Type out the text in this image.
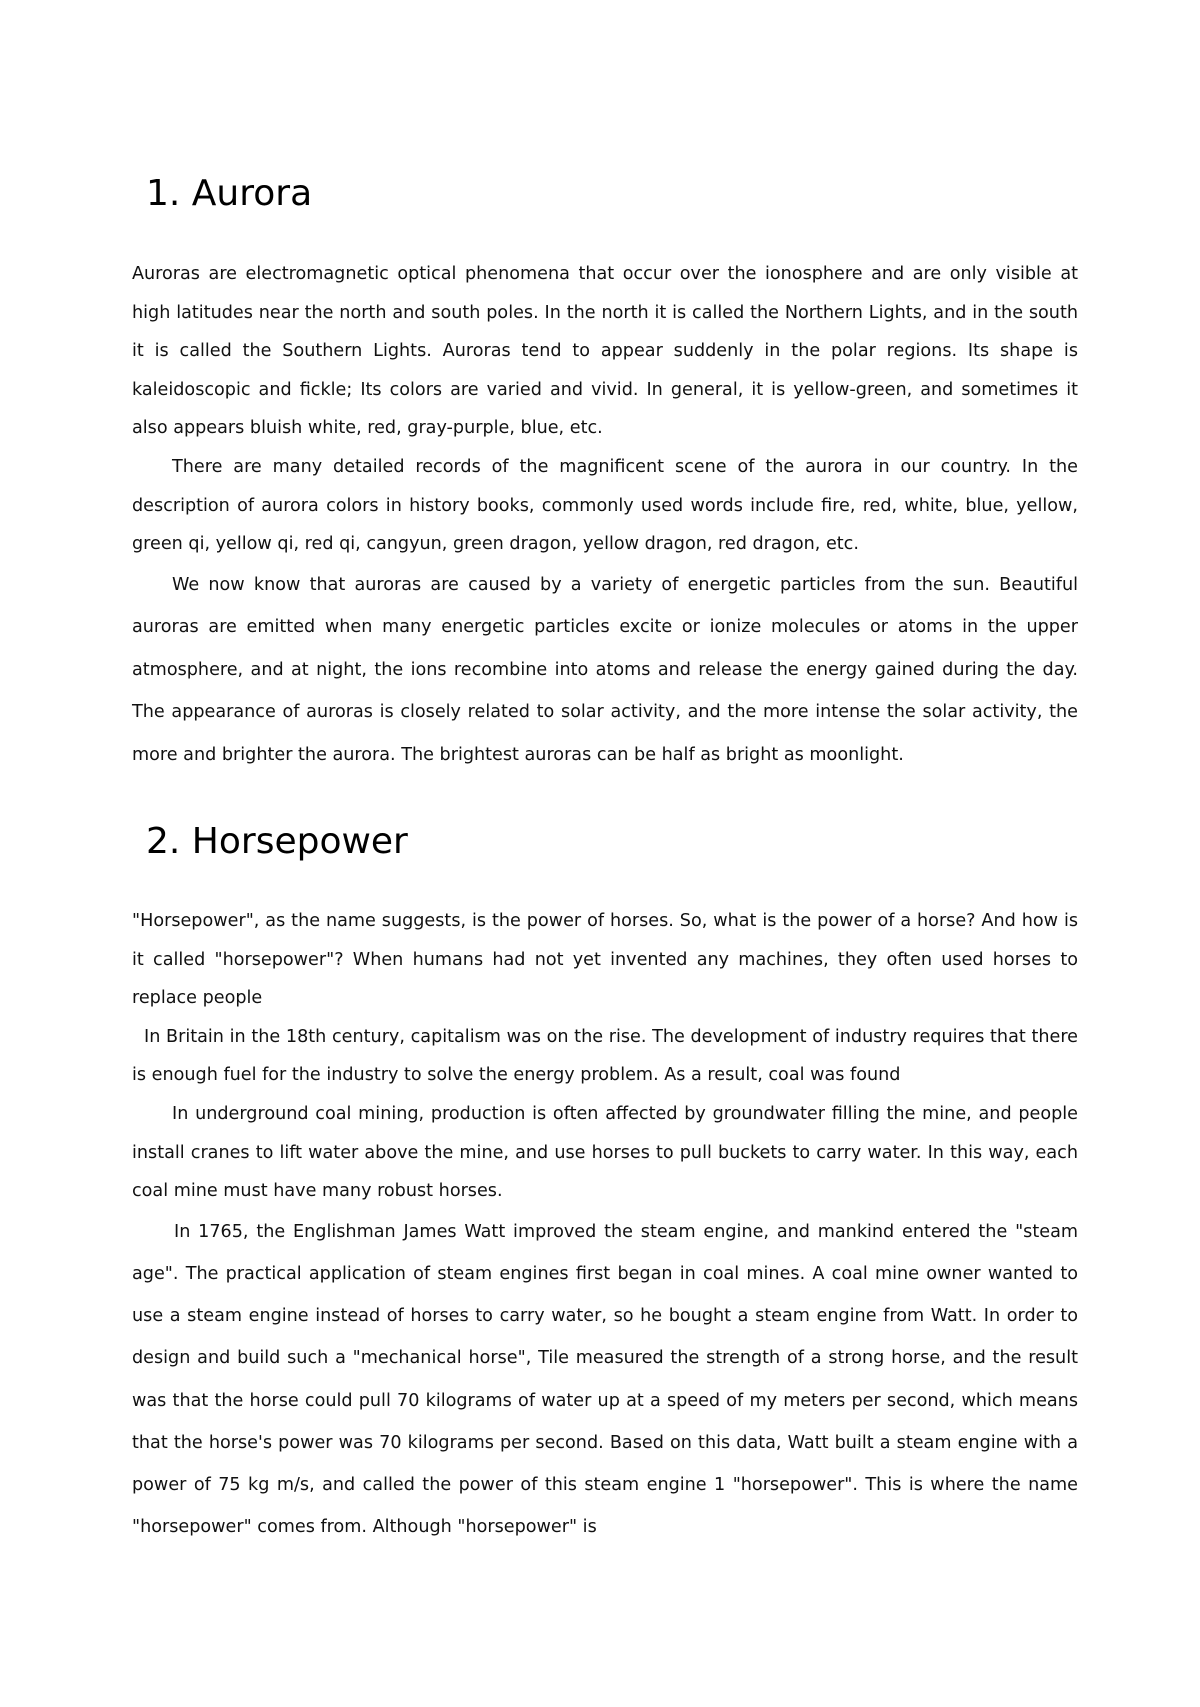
1. Aurora

Auroras are electromagnetic optical phenomena that occur over the ionosphere and are only visible at high latitudes near the north and south poles. In the north it is called the Northern Lights, and in the south it is called the Southern Lights. Auroras tend to appear suddenly in the polar regions. Its shape is kaleidoscopic and fickle; Its colors are varied and vivid. In general, it is yellow-green, and sometimes it also appears bluish white, red, gray-purple, blue, etc.

There are many detailed records of the magnificent scene of the aurora in our country. In the description of aurora colors in history books, commonly used words include fire, red, white, blue, yellow, green qi, yellow qi, red qi, cangyun, green dragon, yellow dragon, red dragon, etc.

We now know that auroras are caused by a variety of energetic particles from the sun. Beautiful auroras are emitted when many energetic particles excite or ionize molecules or atoms in the upper atmosphere, and at night, the ions recombine into atoms and release the energy gained during the day. The appearance of auroras is closely related to solar activity, and the more intense the solar activity, the more and brighter the aurora. The brightest auroras can be half as bright as moonlight.

2. Horsepower

"Horsepower", as the name suggests, is the power of horses. So, what is the power of a horse? And how is it called "horsepower"? When humans had not yet invented any machines, they often used horses to replace people

In Britain in the 18th century, capitalism was on the rise. The development of industry requires that there is enough fuel for the industry to solve the energy problem. As a result, coal was found

In underground coal mining, production is often affected by groundwater filling the mine, and people install cranes to lift water above the mine, and use horses to pull buckets to carry water. In this way, each coal mine must have many robust horses.

In 1765, the Englishman James Watt improved the steam engine, and mankind entered the "steam age". The practical application of steam engines first began in coal mines. A coal mine owner wanted to use a steam engine instead of horses to carry water, so he bought a steam engine from Watt. In order to design and build such a "mechanical horse", Tile measured the strength of a strong horse, and the result was that the horse could pull 70 kilograms of water up at a speed of my meters per second, which means that the horse's power was 70 kilograms per second. Based on this data, Watt built a steam engine with a power of 75 kg m/s, and called the power of this steam engine 1 "horsepower". This is where the name "horsepower" comes from. Although "horsepower" is
